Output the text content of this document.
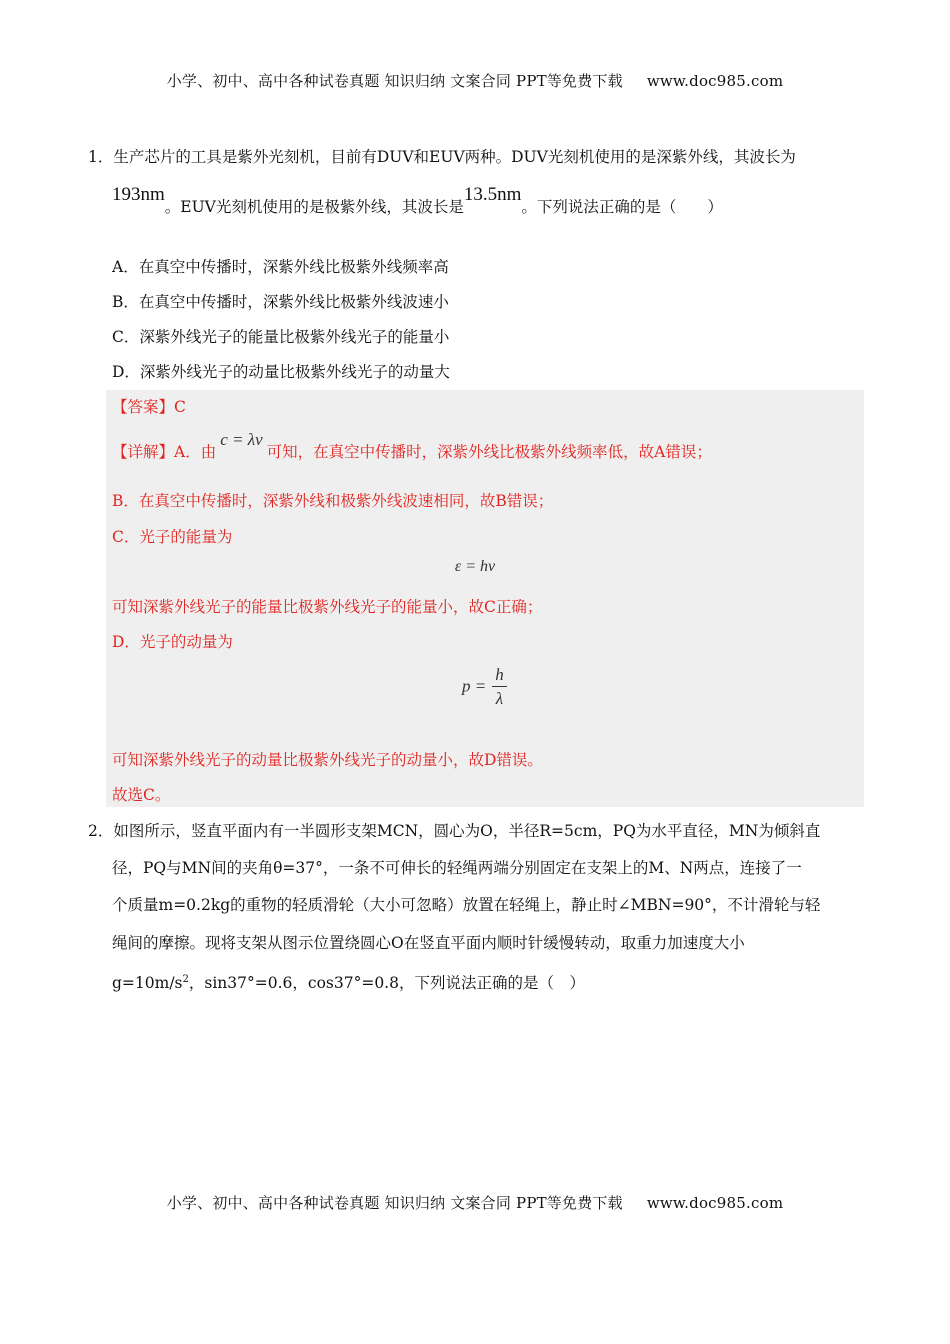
小学、初中、高中各种试卷真题 知识归纳 文案合同 PPT等免费下载 www.doc985.com
1．生产芯片的工具是紫外光刻机，目前有DUV和EUV两种。DUV光刻机使用的是深紫外线，其波长为
193nm。EUV光刻机使用的是极紫外线，其波长是13.5nm。下列说法正确的是（　　）
A．在真空中传播时，深紫外线比极紫外线频率高
B．在真空中传播时，深紫外线比极紫外线波速小
C．深紫外线光子的能量比极紫外线光子的能量小
D．深紫外线光子的动量比极紫外线光子的动量大
【答案】C
【详解】A．由c = λν可知，在真空中传播时，深紫外线比极紫外线频率低，故A错误；
B．在真空中传播时，深紫外线和极紫外线波速相同，故B错误；
C．光子的能量为
ε = hν
可知深紫外线光子的能量比极紫外线光子的能量小，故C正确；
D．光子的动量为
$p = \frac{h}{\lambda}$
可知深紫外线光子的动量比极紫外线光子的动量小，故D错误。
故选C。
2．如图所示，竖直平面内有一半圆形支架MCN，圆心为O，半径R=5cm，PQ为水平直径，MN为倾斜直
径，PQ与MN间的夹角θ=37°，一条不可伸长的轻绳两端分别固定在支架上的M、N两点，连接了一
个质量m=0.2kg的重物的轻质滑轮（大小可忽略）放置在轻绳上，静止时∠MBN=90°，不计滑轮与轻
绳间的摩擦。现将支架从图示位置绕圆心O在竖直平面内顺时针缓慢转动，取重力加速度大小
$g=10m/s^2$，sin37°=0.6，cos37°=0.8，下列说法正确的是（　）
小学、初中、高中各种试卷真题 知识归纳 文案合同 PPT等免费下载 www.doc985.com
